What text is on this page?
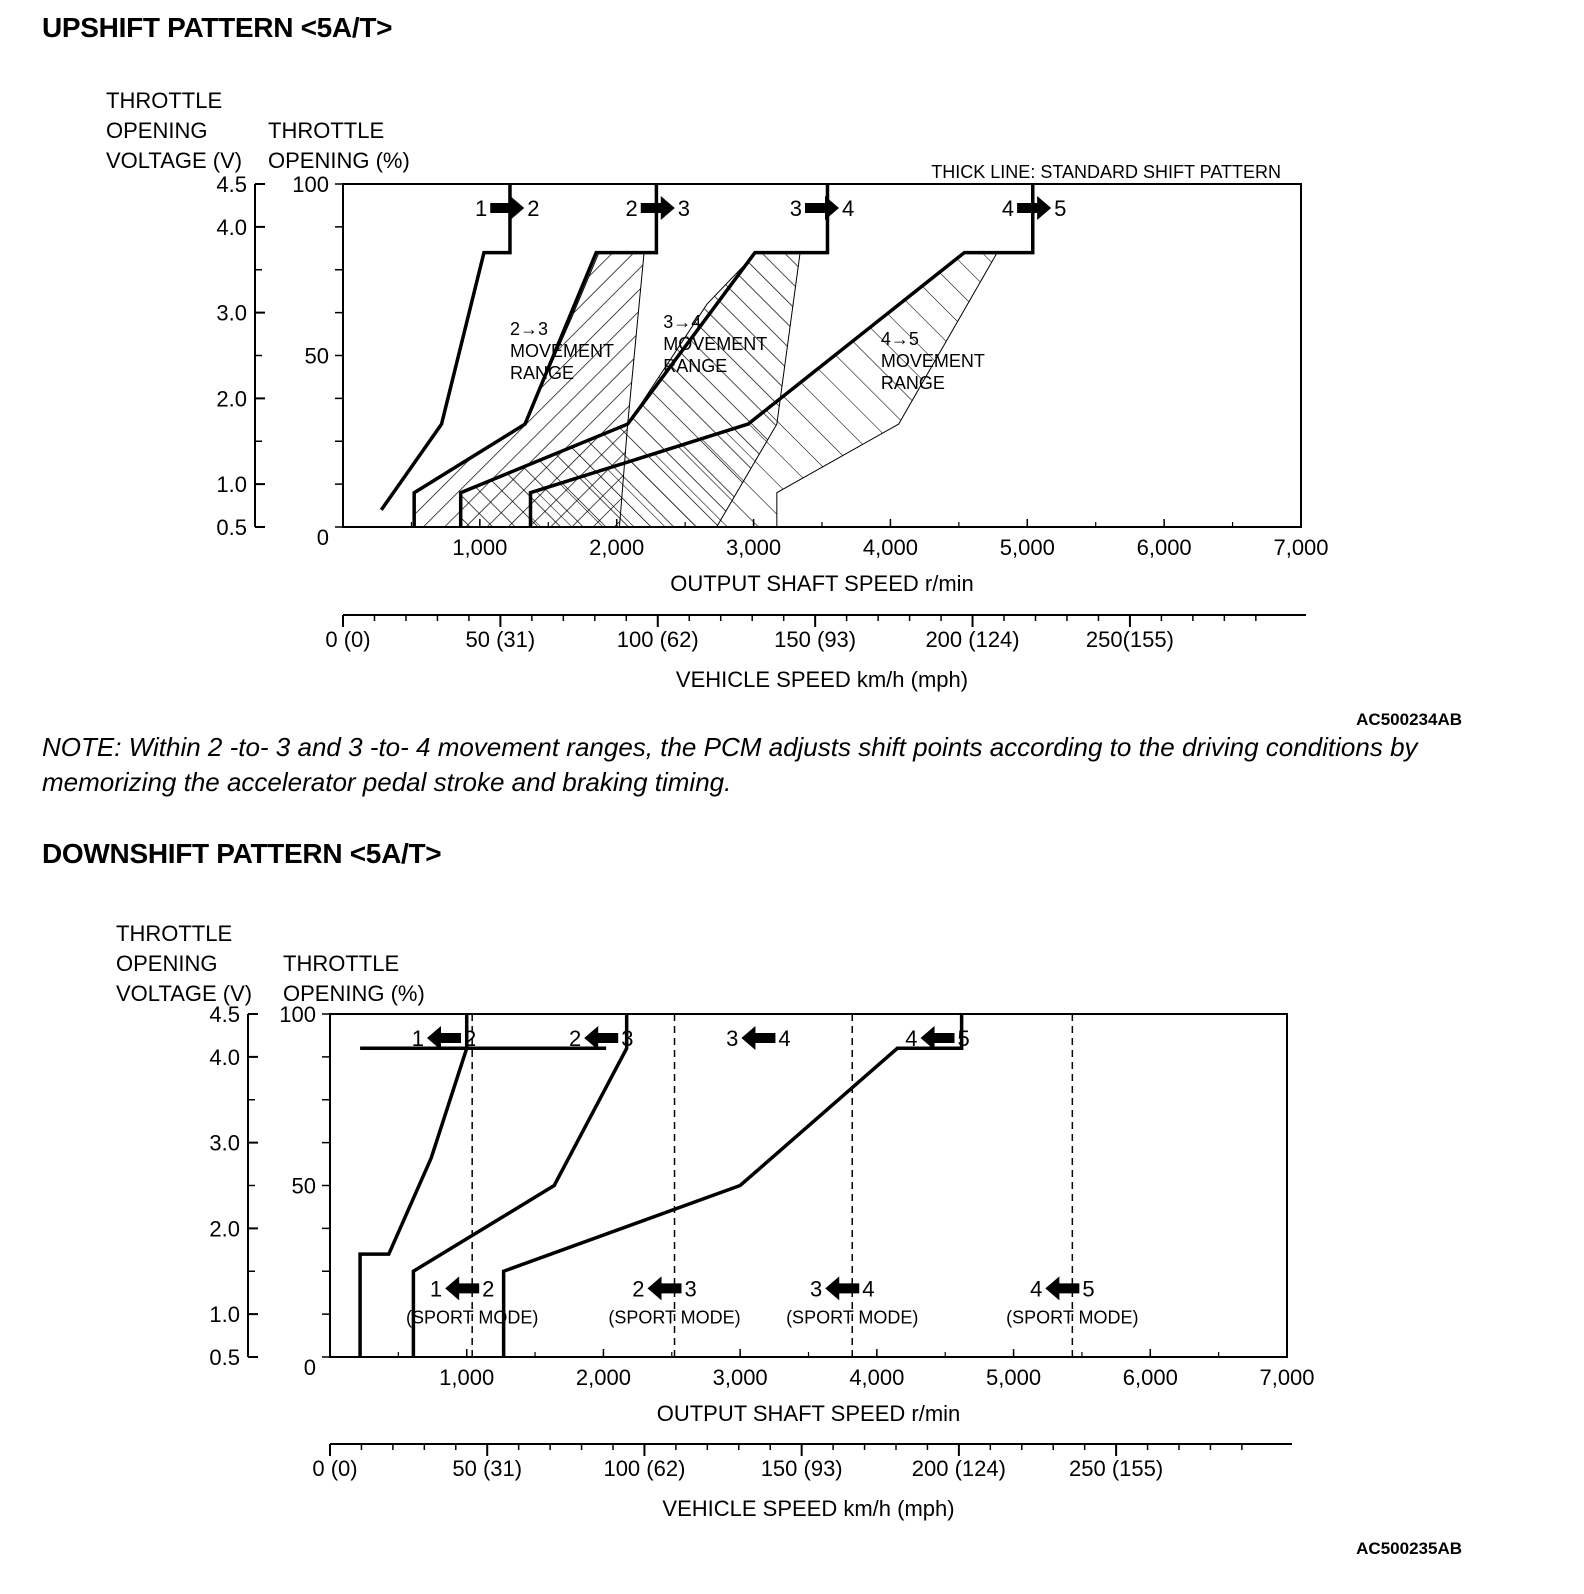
UPSHIFT PATTERN <5A/T>
THROTTLE
OPENING
VOLTAGE (V)
THROTTLE
OPENING (%)
4.5
4.0
3.0
2.0
1.0
0.5
2→3
MOVEMENT
RANGE
3→4
MOVEMENT
RANGE
4→5
MOVEMENT
RANGE
1 2	2 3	3 4	4 5
0
50
100
1,000	2,000	3,000	4,000	5,000	6,000	7,000
OUTPUT SHAFT SPEED r/min
0 (0)	50 (31)	100 (62)	150 (93)	200 (124)	250(155)
VEHICLE SPEED km/h (mph)
THICK LINE: STANDARD SHIFT PATTERN
AC500234AB

NOTE: Within 2 -to- 3 and 3 -to- 4 movement ranges, the PCM adjusts shift points according to the driving conditions by memorizing the accelerator pedal stroke and braking timing.

DOWNSHIFT PATTERN <5A/T>
THROTTLE
OPENING
VOLTAGE (V)
THROTTLE
OPENING (%)
4.5
4.0
3.0
2.0
1.0
0.5
1 2
(SPORT MODE)
2 3
(SPORT MODE)
3 4
(SPORT MODE)
4 5
(SPORT MODE)
1 2	2 3	3 4	4 5
0
50
100
1,000	2,000	3,000	4,000	5,000	6,000	7,000
OUTPUT SHAFT SPEED r/min
0 (0)	50 (31)	100 (62)	150 (93)	200 (124)	250 (155)
VEHICLE SPEED km/h (mph)
AC500235AB
